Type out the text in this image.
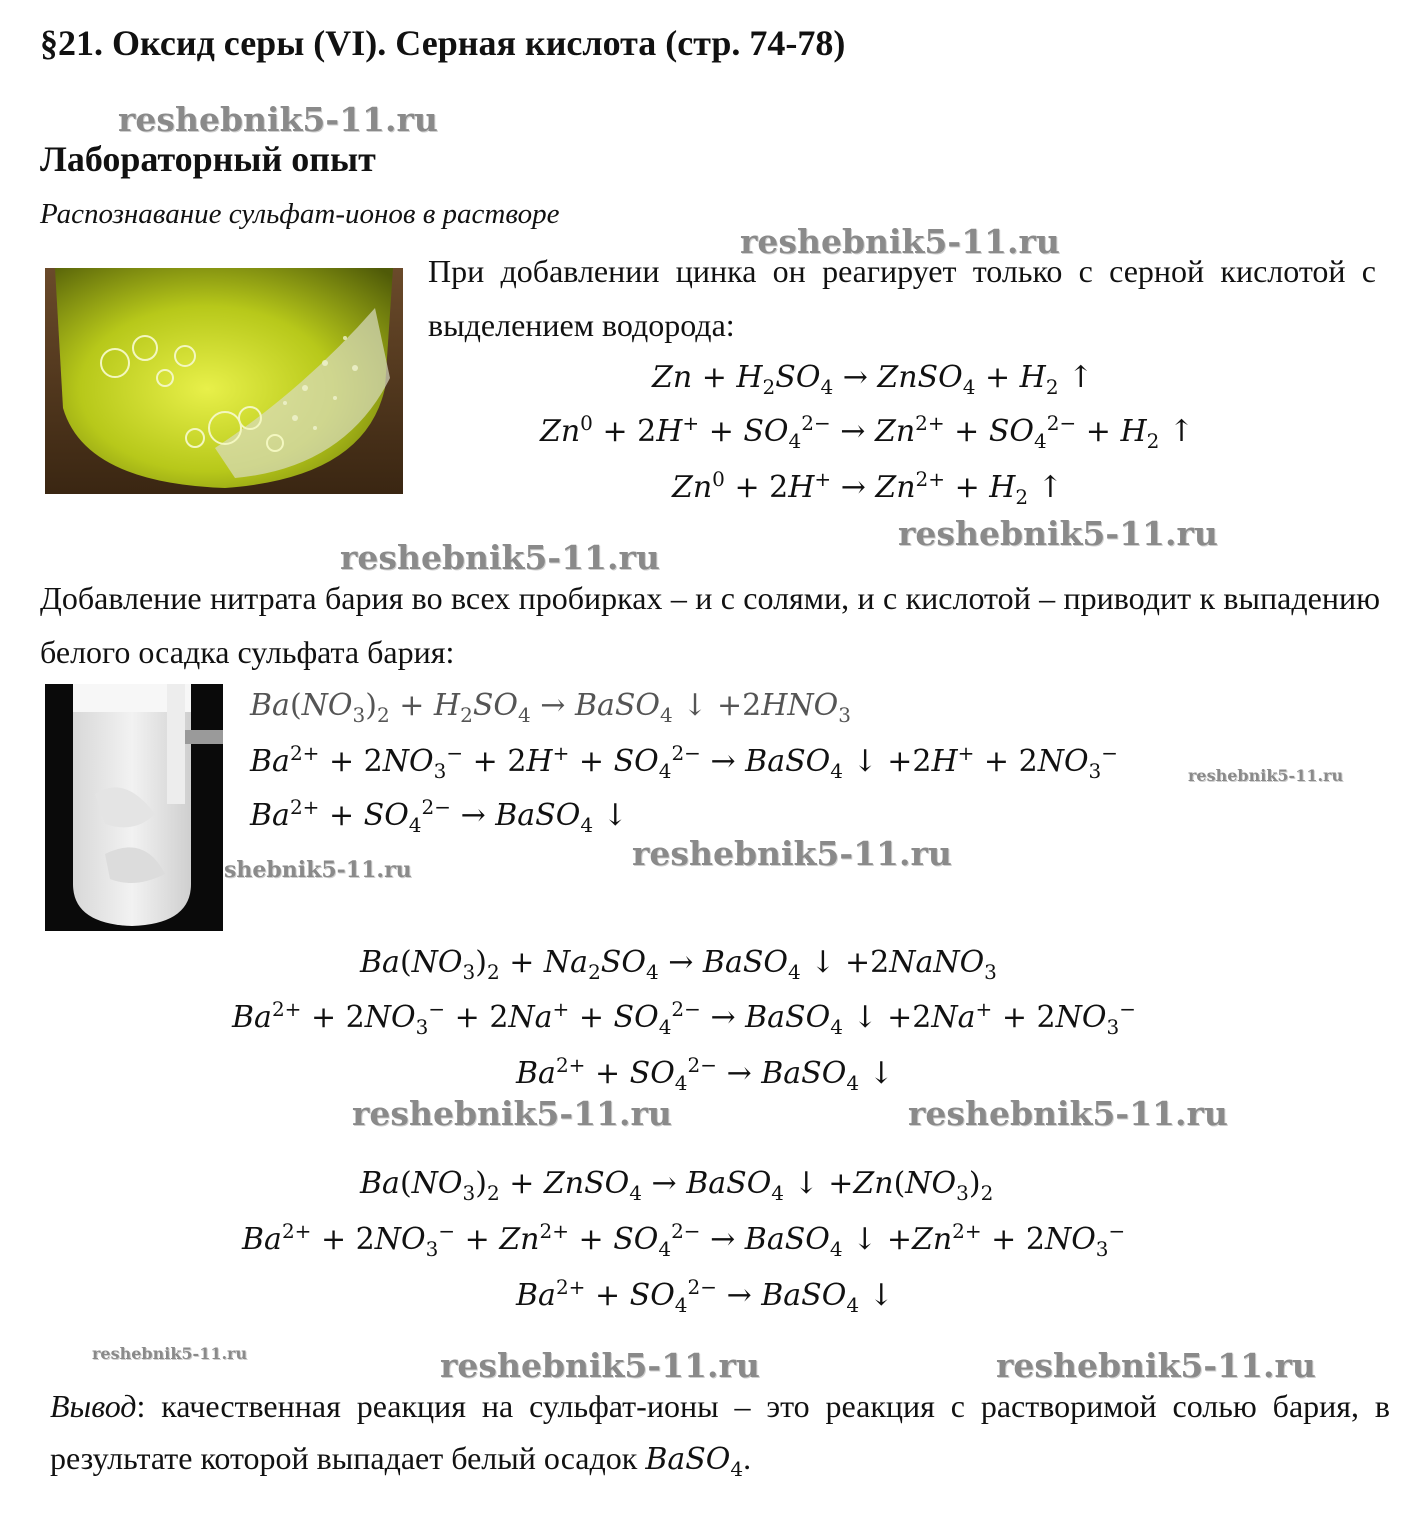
§21. Оксид серы (VI). Серная кислота (стр. 74-78)
reshebnik5-11.ru
Лабораторный опыт
Распознавание сульфат-ионов в растворе
reshebnik5-11.ru
При добавлении цинка он реагирует только с серной кислотой с выделением водорода:
$Zn + H_2SO_4$ → ZnSO$_4$ + $H_2$ ↑
$Zn^0 + 2H^+ + SO_4^{2-} \to Zn^{2+} + SO_4^{2-} + H_2$ ↑
$Zn^0 + 2H^+ \to Zn^{2+} + H_2$ ↑
reshebnik5-11.ru
reshebnik5-11.ru
Добавление нитрата бария во всех пробирках – и с солями, и с кислотой – приводит к выпадению белого осадка сульфата бария:
$Ba(NO_3)_2 + H_2SO_4$ → BaSO$_4$ ↓ $+2HNO_3$
$Ba^{2+} + 2NO_3^- + 2H^+ + SO_4^{2-}$ → BaSO$_4$ ↓ $+2H^+ + 2NO_3^-$
reshebnik5-11.ru
$Ba^{2+} + SO_4^{2-}$ → BaSO$_4$ ↓
reshebnik5-11.ru
shebnik5-11.ru
$Ba(NO_3)_2 + Na_2SO_4$ → BaSO$_4$ ↓ +2NaNO$_3$
$Ba^{2+} + 2NO_3^- + 2Na^+ + SO_4^{2-}$ → BaSO$_4$ ↓ $+2Na^+ + 2NO_3^-$
$Ba^{2+} + SO_4^{2-}$ → BaSO$_4$ ↓
reshebnik5-11.ru	reshebnik5-11.ru
$Ba(NO_3)_2$ + ZnSO$_4$ → BaSO$_4$ ↓ $+Zn(NO_3)_2$
$Ba^{2+} + 2NO_3^- + Zn^{2+} + SO_4^{2-}$ → BaSO$_4$ ↓ $+Zn^{2+} + 2NO_3^-$
$Ba^{2+} + SO_4^{2-}$ → BaSO$_4$ ↓
reshebnik5-11.ru	reshebnik5-11.ru	reshebnik5-11.ru
Вывод: качественная реакция на сульфат-ионы – это реакция с растворимой солью бария, в результате которой выпадает белый осадок BaSO$_4$.
